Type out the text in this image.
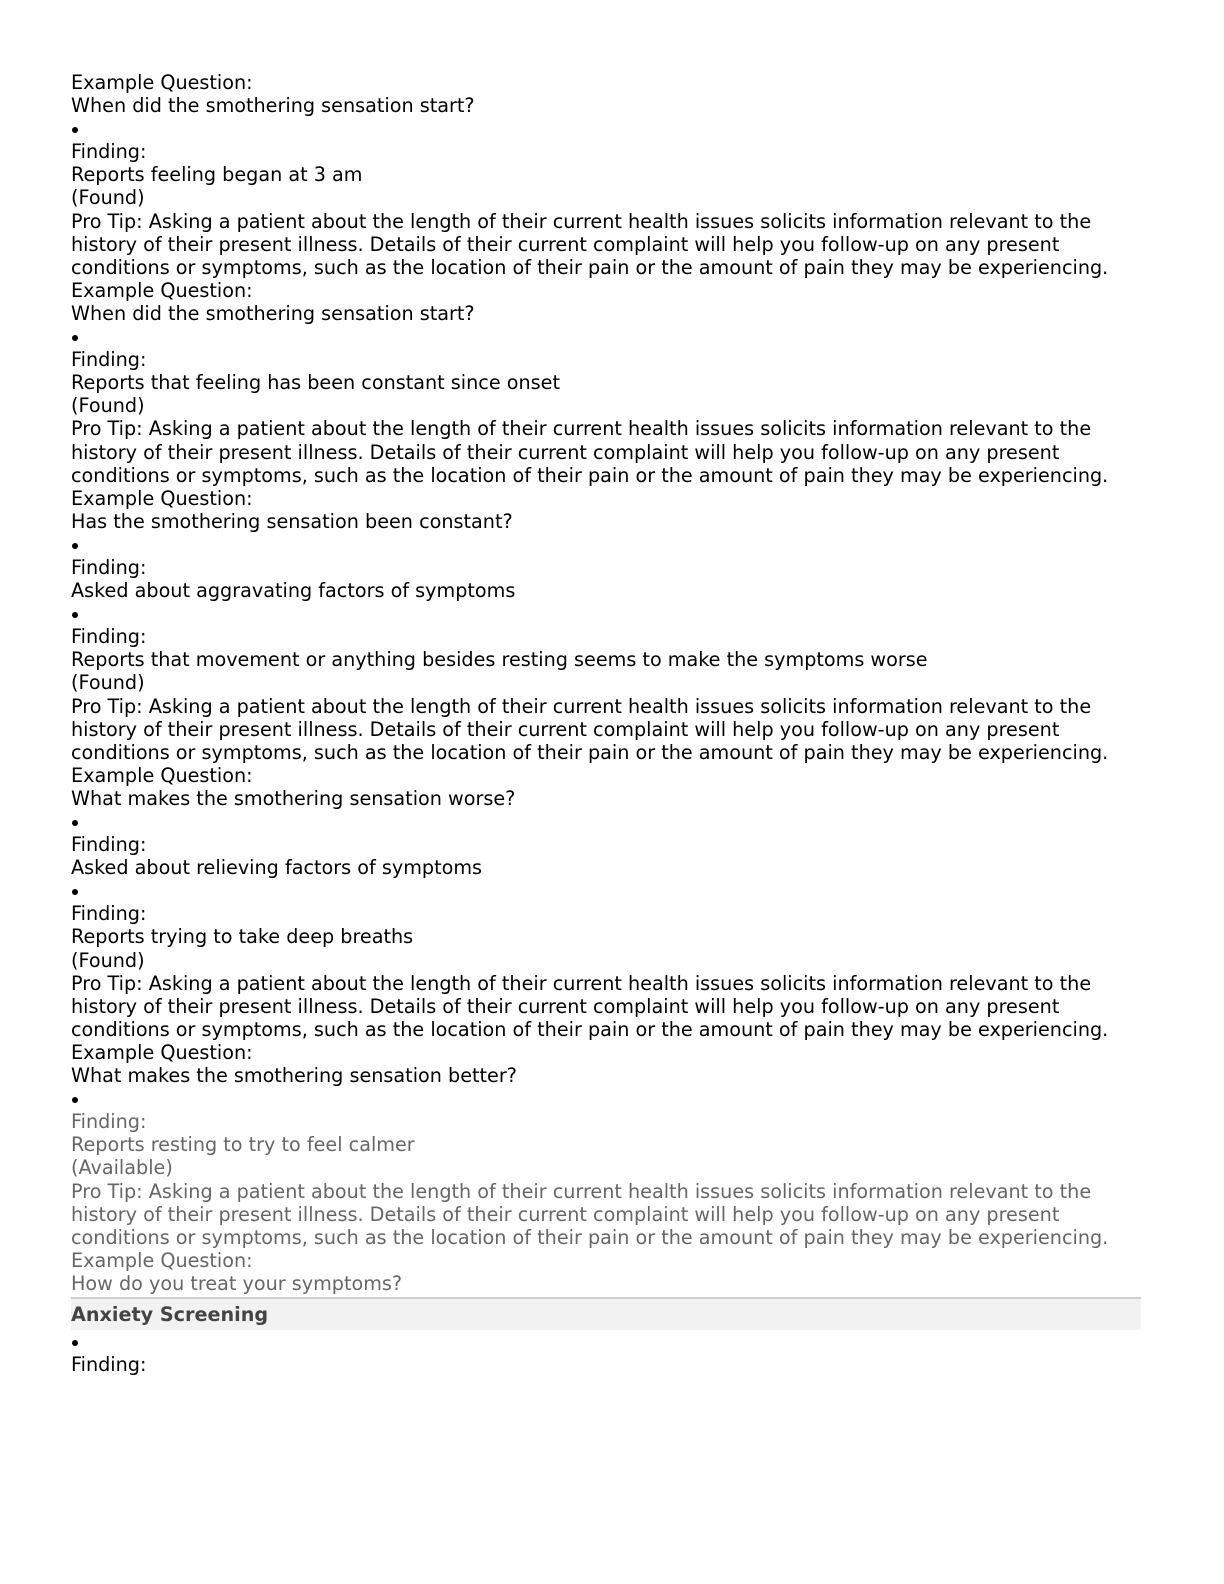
Example Question:
When did the smothering sensation start?
Finding:
Reports feeling began at 3 am
(Found)
Pro Tip: Asking a patient about the length of their current health issues solicits information relevant to the history of their present illness. Details of their current complaint will help you follow-up on any present conditions or symptoms, such as the location of their pain or the amount of pain they may be experiencing.
Example Question:
When did the smothering sensation start?
Finding:
Reports that feeling has been constant since onset
(Found)
Pro Tip: Asking a patient about the length of their current health issues solicits information relevant to the history of their present illness. Details of their current complaint will help you follow-up on any present conditions or symptoms, such as the location of their pain or the amount of pain they may be experiencing.
Example Question:
Has the smothering sensation been constant?
Finding:
Asked about aggravating factors of symptoms
Finding:
Reports that movement or anything besides resting seems to make the symptoms worse
(Found)
Pro Tip: Asking a patient about the length of their current health issues solicits information relevant to the history of their present illness. Details of their current complaint will help you follow-up on any present conditions or symptoms, such as the location of their pain or the amount of pain they may be experiencing.
Example Question:
What makes the smothering sensation worse?
Finding:
Asked about relieving factors of symptoms
Finding:
Reports trying to take deep breaths
(Found)
Pro Tip: Asking a patient about the length of their current health issues solicits information relevant to the history of their present illness. Details of their current complaint will help you follow-up on any present conditions or symptoms, such as the location of their pain or the amount of pain they may be experiencing.
Example Question:
What makes the smothering sensation better?
Finding:
Reports resting to try to feel calmer
(Available)
Pro Tip: Asking a patient about the length of their current health issues solicits information relevant to the history of their present illness. Details of their current complaint will help you follow-up on any present conditions or symptoms, such as the location of their pain or the amount of pain they may be experiencing.
Example Question:
How do you treat your symptoms?
Anxiety Screening
Finding:
